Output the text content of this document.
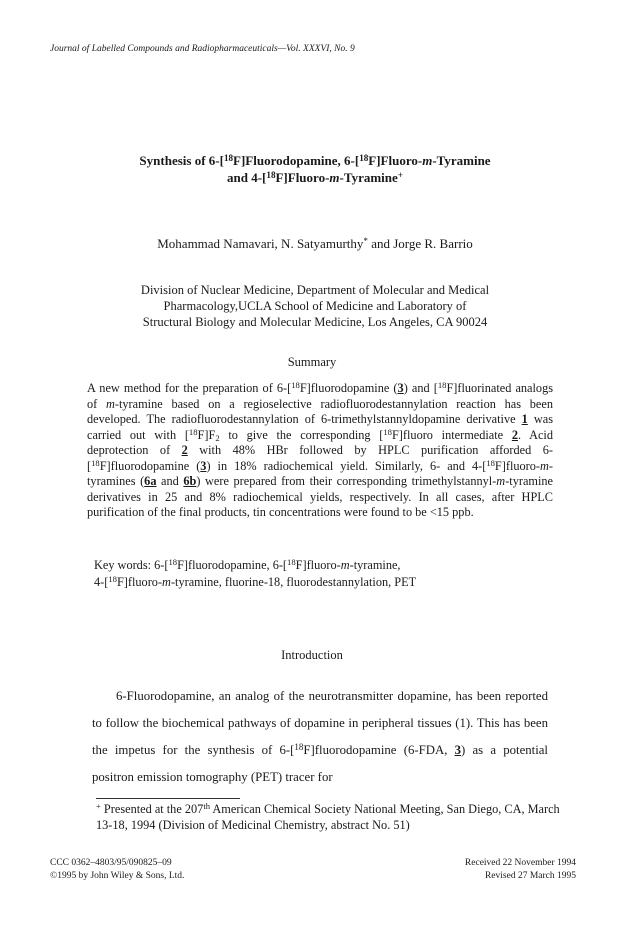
Journal of Labelled Compounds and Radiopharmaceuticals—Vol. XXXVI, No. 9
Synthesis of 6-[$^{18}$F]Fluorodopamine, 6-[$^{18}$F]Fluoro-m-Tyramine
and 4-[$^{18}$F]Fluoro-m-Tyramine+
Mohammad Namavari, N. Satyamurthy* and Jorge R. Barrio
Division of Nuclear Medicine, Department of Molecular and Medical
Pharmacology,UCLA School of Medicine and Laboratory of
Structural Biology and Molecular Medicine, Los Angeles, CA 90024
Summary
A new method for the preparation of 6-[$^{18}$F]fluorodopamine (3) and [$^{18}$F]fluorinated analogs of m-tyramine based on a regioselective radiofluorodestannylation reaction has been developed. The radiofluorodestannylation of 6-trimethylstannyldopamine derivative 1 was carried out with $[^{18}F]F_2$ to give the corresponding [$^{18}$F]fluoro intermediate 2. Acid deprotection of 2 with 48% HBr followed by HPLC purification afforded 6-[$^{18}$F]fluorodopamine (3) in 18% radiochemical yield. Similarly, 6- and 4-[$^{18}$F]fluoro-m-tyramines (6a and 6b) were prepared from their corresponding trimethylstannyl-m-tyramine derivatives in 25 and 8% radiochemical yields, respectively. In all cases, after HPLC purification of the final products, tin concentrations were found to be <15 ppb.
Key words: 6-[$^{18}$F]fluorodopamine, 6-[$^{18}$F]fluoro-m-tyramine,
4-[$^{18}$F]fluoro-m-tyramine, fluorine-18, fluorodestannylation, PET
Introduction
6-Fluorodopamine, an analog of the neurotransmitter dopamine, has been reported to follow the biochemical pathways of dopamine in peripheral tissues (1). This has been the impetus for the synthesis of 6-[$^{18}$F]fluorodopamine (6-FDA, 3) as a potential positron emission tomography (PET) tracer for
+ Presented at the 207th American Chemical Society National Meeting, San Diego, CA, March 13-18, 1994 (Division of Medicinal Chemistry, abstract No. 51)
CCC 0362–4803/95/090825–09
©1995 by John Wiley & Sons, Ltd.
Received 22 November 1994
Revised 27 March 1995
